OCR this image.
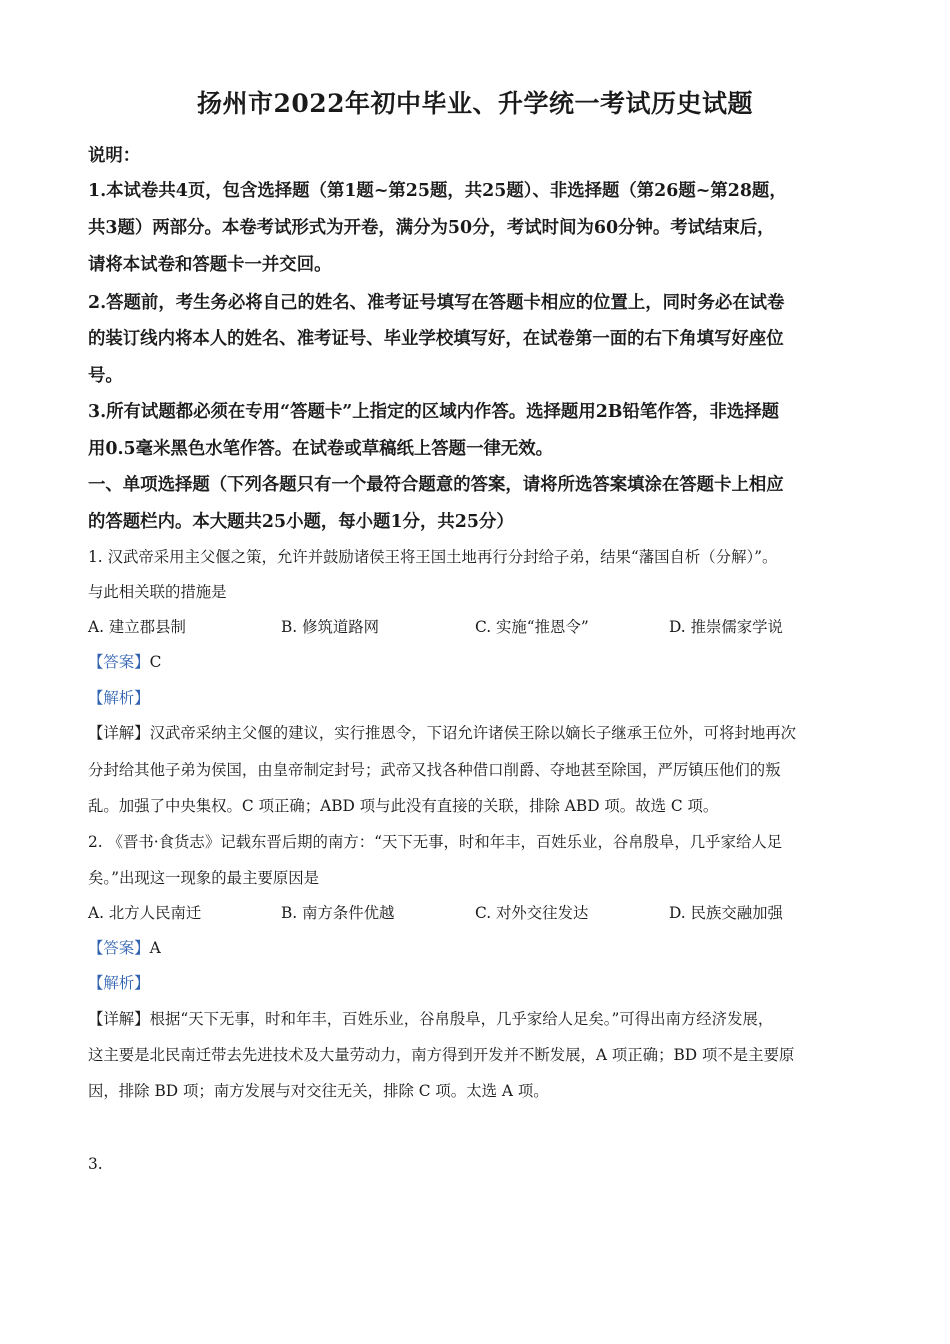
扬州市2022年初中毕业、升学统一考试历史试题
说明：
1.本试卷共4页，包含选择题（第1题~第25题，共25题）、非选择题（第26题~第28题，
共3题）两部分。本卷考试形式为开卷，满分为50分，考试时间为60分钟。考试结束后，
请将本试卷和答题卡一并交回。
2.答题前，考生务必将自己的姓名、准考证号填写在答题卡相应的位置上，同时务必在试卷
的装订线内将本人的姓名、准考证号、毕业学校填写好，在试卷第一面的右下角填写好座位
号。
3.所有试题都必须在专用“答题卡”上指定的区域内作答。选择题用2B铅笔作答，非选择题
用0.5毫米黑色水笔作答。在试卷或草稿纸上答题一律无效。
一、单项选择题（下列各题只有一个最符合题意的答案，请将所选答案填涂在答题卡上相应
的答题栏内。本大题共25小题，每小题1分，共25分）
1. 汉武帝采用主父偃之策，允许并鼓励诸侯王将王国土地再行分封给子弟，结果“藩国自析（分解）”。
与此相关联的措施是
A. 建立郡县制	B. 修筑道路网	C. 实施“推恩令”	D. 推崇儒家学说
【答案】C
【解析】
【详解】汉武帝采纳主父偃的建议，实行推恩令，下诏允许诸侯王除以嫡长子继承王位外，可将封地再次
分封给其他子弟为侯国，由皇帝制定封号；武帝又找各种借口削爵、夺地甚至除国，严厉镇压他们的叛
乱。加强了中央集权。C 项正确；ABD 项与此没有直接的关联，排除 ABD 项。故选 C 项。
2. 《晋书·食货志》记载东晋后期的南方：“天下无事，时和年丰，百姓乐业，谷帛殷阜，几乎家给人足
矣。”出现这一现象的最主要原因是
A. 北方人民南迁	B. 南方条件优越	C. 对外交往发达	D. 民族交融加强
【答案】A
【解析】
【详解】根据“天下无事，时和年丰，百姓乐业，谷帛殷阜，几乎家给人足矣。”可得出南方经济发展，
这主要是北民南迁带去先进技术及大量劳动力，南方得到开发并不断发展，A 项正确；BD 项不是主要原
因，排除 BD 项；南方发展与对交往无关，排除 C 项。太选 A 项。
3.
